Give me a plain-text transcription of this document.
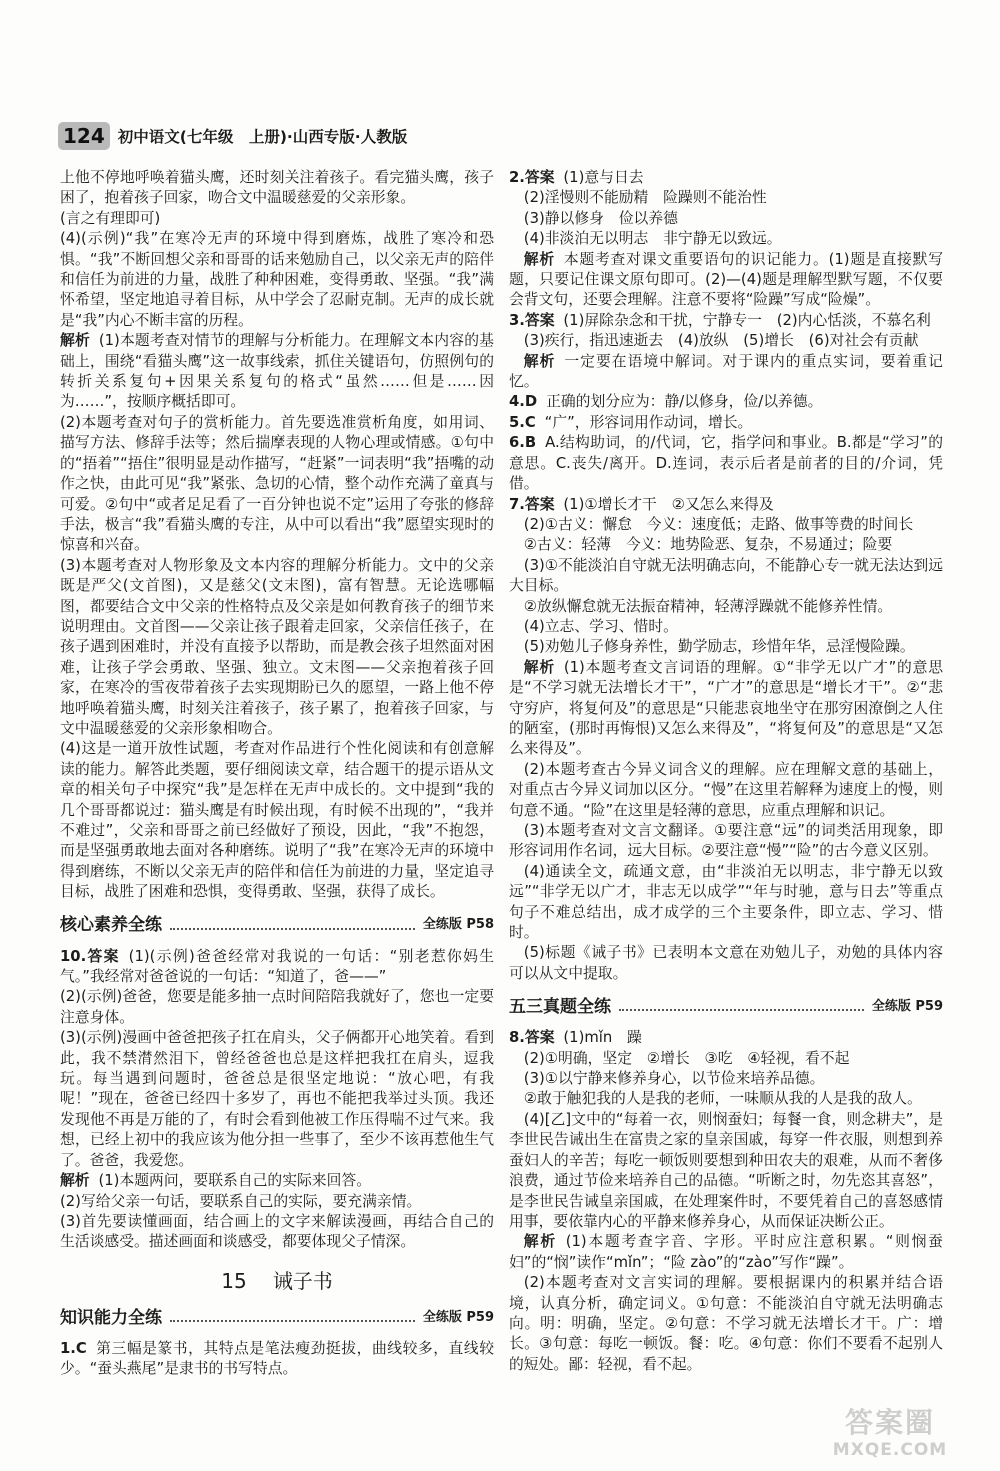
124 初中语文(七年级　上册)·山西专版·人教版

上他不停地呼唤着猫头鹰，还时刻关注着孩子。看完猫头鹰，孩子困了，抱着孩子回家，吻合文中温暖慈爱的父亲形象。

(言之有理即可)

(4)(示例)“我”在寒冷无声的环境中得到磨炼，战胜了寒冷和恐惧。“我”不断回想父亲和哥哥的话来勉励自己，以父亲无声的陪伴和信任为前进的力量，战胜了种种困难，变得勇敢、坚强。“我”满怀希望，坚定地追寻着目标，从中学会了忍耐克制。无声的成长就是“我”内心不断丰富的历程。

解析 (1)本题考查对情节的理解与分析能力。在理解文本内容的基础上，围绕“看猫头鹰”这一故事线索，抓住关键语句，仿照例句的转折关系复句+因果关系复句的格式“虽然……但是……因为……”，按顺序概括即可。

(2)本题考查对句子的赏析能力。首先要选准赏析角度，如用词、描写方法、修辞手法等；然后揣摩表现的人物心理或情感。①句中的“捂着”“捂住”很明显是动作描写，“赶紧”一词表明“我”捂嘴的动作之快，由此可见“我”紧张、急切的心情，整个动作充满了童真与可爱。②句中“或者足足看了一百分钟也说不定”运用了夸张的修辞手法，极言“我”看猫头鹰的专注，从中可以看出“我”愿望实现时的惊喜和兴奋。

(3)本题考查对人物形象及文本内容的理解分析能力。文中的父亲既是严父(文首图)，又是慈父(文末图)，富有智慧。无论选哪幅图，都要结合文中父亲的性格特点及父亲是如何教育孩子的细节来说明理由。文首图——父亲让孩子跟着走回家，父亲信任孩子，在孩子遇到困难时，并没有直接予以帮助，而是教会孩子坦然面对困难，让孩子学会勇敢、坚强、独立。文末图——父亲抱着孩子回家，在寒冷的雪夜带着孩子去实现期盼已久的愿望，一路上他不停地呼唤着猫头鹰，时刻关注着孩子，孩子累了，抱着孩子回家，与文中温暖慈爱的父亲形象相吻合。

(4)这是一道开放性试题，考查对作品进行个性化阅读和有创意解读的能力。解答此类题，要仔细阅读文章，结合题干的提示语从文章的相关句子中探究“我”是怎样在无声中成长的。文中提到“我的几个哥哥都说过：猫头鹰是有时候出现，有时候不出现的”，“我并不难过”，父亲和哥哥之前已经做好了预设，因此，“我”不抱怨，而是坚强勇敢地去面对各种磨练。说明了“我”在寒冷无声的环境中得到磨练，不断以父亲无声的陪伴和信任为前进的力量，坚定追寻目标，战胜了困难和恐惧，变得勇敢、坚强，获得了成长。

核心素养全练	全练版 P58

10.答案 (1)(示例)爸爸经常对我说的一句话：“别老惹你妈生气。”我经常对爸爸说的一句话：“知道了，爸——”

(2)(示例)爸爸，您要是能多抽一点时间陪陪我就好了，您也一定要注意身体。

(3)(示例)漫画中爸爸把孩子扛在肩头，父子俩都开心地笑着。看到此，我不禁潸然泪下，曾经爸爸也总是这样把我扛在肩头，逗我玩。每当遇到问题时，爸爸总是很坚定地说：“放心吧，有我呢！”现在，爸爸已经四十多岁了，再也不能把我举过头顶。我还发现他不再是万能的了，有时会看到他被工作压得喘不过气来。我想，已经上初中的我应该为他分担一些事了，至少不该再惹他生气了。爸爸，我爱您。

解析 (1)本题两问，要联系自己的实际来回答。

(2)写给父亲一句话，要联系自己的实际，要充满亲情。

(3)首先要读懂画面，结合画上的文字来解读漫画，再结合自己的生活谈感受。描述画面和谈感受，都要体现父子情深。

15 诫子书
知识能力全练	全练版 P59

1.C 第三幅是篆书，其特点是笔法瘦劲挺拔，曲线较多，直线较少。“蚕头燕尾”是隶书的书写特点。

2.答案 (1)意与日去

(2)淫慢则不能励精　险躁则不能治性

(3)静以修身　俭以养德

(4)非淡泊无以明志　非宁静无以致远。

解析 本题考查对课文重要语句的识记能力。(1)题是直接默写题，只要记住课文原句即可。(2)—(4)题是理解型默写题，不仅要会背文句，还要会理解。注意不要将“险躁”写成“险燥”。

3.答案 (1)屏除杂念和干扰，宁静专一　(2)内心恬淡，不慕名利

(3)疾行，指迅速逝去　(4)放纵　(5)增长　(6)对社会有贡献

解析 一定要在语境中解词。对于课内的重点实词，要着重记忆。

4.D 正确的划分应为：静/以修身，俭/以养德。

5.C “广”，形容词用作动词，增长。

6.B A.结构助词，的/代词，它，指学问和事业。B.都是“学习”的意思。C.丧失/离开。D.连词，表示后者是前者的目的/介词，凭借。

7.答案 (1)①增长才干　②又怎么来得及

(2)①古义：懈怠　今义：速度低；走路、做事等费的时间长

②古义：轻薄　今义：地势险恶、复杂，不易通过；险要

(3)①不能淡泊自守就无法明确志向，不能静心专一就无法达到远大目标。

②放纵懈怠就无法振奋精神，轻薄浮躁就不能修养性情。

(4)立志、学习、惜时。

(5)劝勉儿子修身养性，勤学励志，珍惜年华，忌淫慢险躁。

解析 (1)本题考查文言词语的理解。①“非学无以广才”的意思是“不学习就无法增长才干”，“广才”的意思是“增长才干”。②“悲守穷庐，将复何及”的意思是“只能悲哀地坐守在那穷困潦倒之人住的陋室，(那时再悔恨)又怎么来得及”，“将复何及”的意思是“又怎么来得及”。

(2)本题考查古今异义词含义的理解。应在理解文意的基础上，对重点古今异义词加以区分。“慢”在这里若解释为速度上的慢，则句意不通。“险”在这里是轻薄的意思，应重点理解和识记。

(3)本题考查对文言文翻译。①要注意“远”的词类活用现象，即形容词用作名词，远大目标。②要注意“慢”“险”的古今意义区别。

(4)通读全文，疏通文意，由“非淡泊无以明志，非宁静无以致远”“非学无以广才，非志无以成学”“年与时驰，意与日去”等重点句子不难总结出，成才成学的三个主要条件，即立志、学习、惜时。

(5)标题《诫子书》已表明本文意在劝勉儿子，劝勉的具体内容可以从文中提取。

五三真题全练	全练版 P59

8.答案 (1)mǐn　躁

(2)①明确，坚定　②增长　③吃　④轻视，看不起

(3)①以宁静来修养身心，以节俭来培养品德。

②敢于触犯我的人是我的老师，一味顺从我的人是我的敌人。

(4)[乙]文中的“每着一衣，则悯蚕妇；每餐一食，则念耕夫”，是李世民告诫出生在富贵之家的皇亲国戚，每穿一件衣服，则想到养蚕妇人的辛苦；每吃一顿饭则要想到种田农夫的艰难，从而不奢侈浪费，通过节俭来培养自己的品德。“听断之时，勿先恣其喜怒”，是李世民告诫皇亲国戚，在处理案件时，不要凭着自己的喜怒感情用事，要依靠内心的平静来修养身心，从而保证决断公正。

解析 (1)本题考查字音、字形。平时应注意积累。“则悯蚕妇”的“悯”读作“mǐn”；“险 zào”的“zào”写作“躁”。

(2)本题考查对文言实词的理解。要根据课内的积累并结合语境，认真分析，确定词义。①句意：不能淡泊自守就无法明确志向。明：明确，坚定。②句意：不学习就无法增长才干。广：增长。③句意：每吃一顿饭。餐：吃。④句意：你们不要看不起别人的短处。鄙：轻视，看不起。

答案圈
MXQE.COM
